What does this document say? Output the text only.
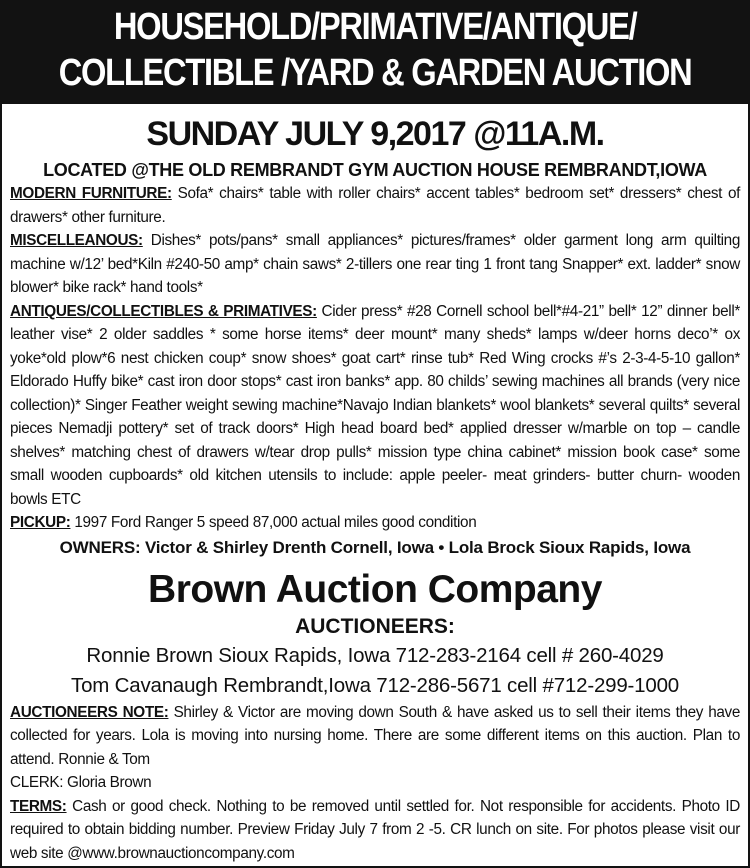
HOUSEHOLD/PRIMATIVE/ANTIQUE/
COLLECTIBLE /YARD & GARDEN AUCTION
SUNDAY JULY 9,2017 @11A.M.
LOCATED @THE OLD REMBRANDT GYM AUCTION HOUSE REMBRANDT,IOWA
MODERN FURNITURE: Sofa* chairs* table with roller chairs* accent tables* bedroom set* dressers* chest of drawers* other furniture.
MISCELLEANOUS: Dishes* pots/pans* small appliances* pictures/frames* older garment long arm quilting machine w/12’ bed*Kiln #240-50 amp* chain saws* 2-tillers one rear ting 1 front tang Snapper* ext. ladder* snow blower* bike rack* hand tools*
ANTIQUES/COLLECTIBLES & PRIMATIVES: Cider press* #28 Cornell school bell*#4-21” bell* 12” dinner bell* leather vise* 2 older saddles * some horse items* deer mount* many sheds* lamps w/deer horns deco’* ox yoke*old plow*6 nest chicken coup* snow shoes* goat cart* rinse tub* Red Wing crocks #’s 2-3-4-5-10 gallon* Eldorado Huffy bike* cast iron door stops* cast iron banks* app. 80 childs’ sewing machines all brands (very nice collection)* Singer Feather weight sewing machine*Navajo Indian blankets* wool blankets* several quilts* several pieces Nemadji pottery* set of track doors* High head board bed* applied dresser w/marble on top – candle shelves* matching chest of drawers w/tear drop pulls* mission type china cabinet* mission book case* some small wooden cupboards* old kitchen utensils to include: apple peeler- meat grinders- butter churn- wooden bowls ETC
PICKUP: 1997 Ford Ranger 5 speed 87,000 actual miles good condition
OWNERS: Victor & Shirley Drenth Cornell, Iowa • Lola Brock Sioux Rapids, Iowa
Brown Auction Company
AUCTIONEERS:
Ronnie Brown Sioux Rapids, Iowa 712-283-2164 cell # 260-4029
Tom Cavanaugh Rembrandt,Iowa 712-286-5671 cell #712-299-1000
AUCTIONEERS NOTE: Shirley & Victor are moving down South & have asked us to sell their items they have collected for years. Lola is moving into nursing home. There are some different items on this auction. Plan to attend. Ronnie & Tom
CLERK: Gloria Brown
TERMS: Cash or good check. Nothing to be removed until settled for. Not responsible for accidents. Photo ID required to obtain bidding number. Preview Friday July 7 from 2 -5. CR lunch on site. For photos please visit our web site @www.brownauctioncompany.com
